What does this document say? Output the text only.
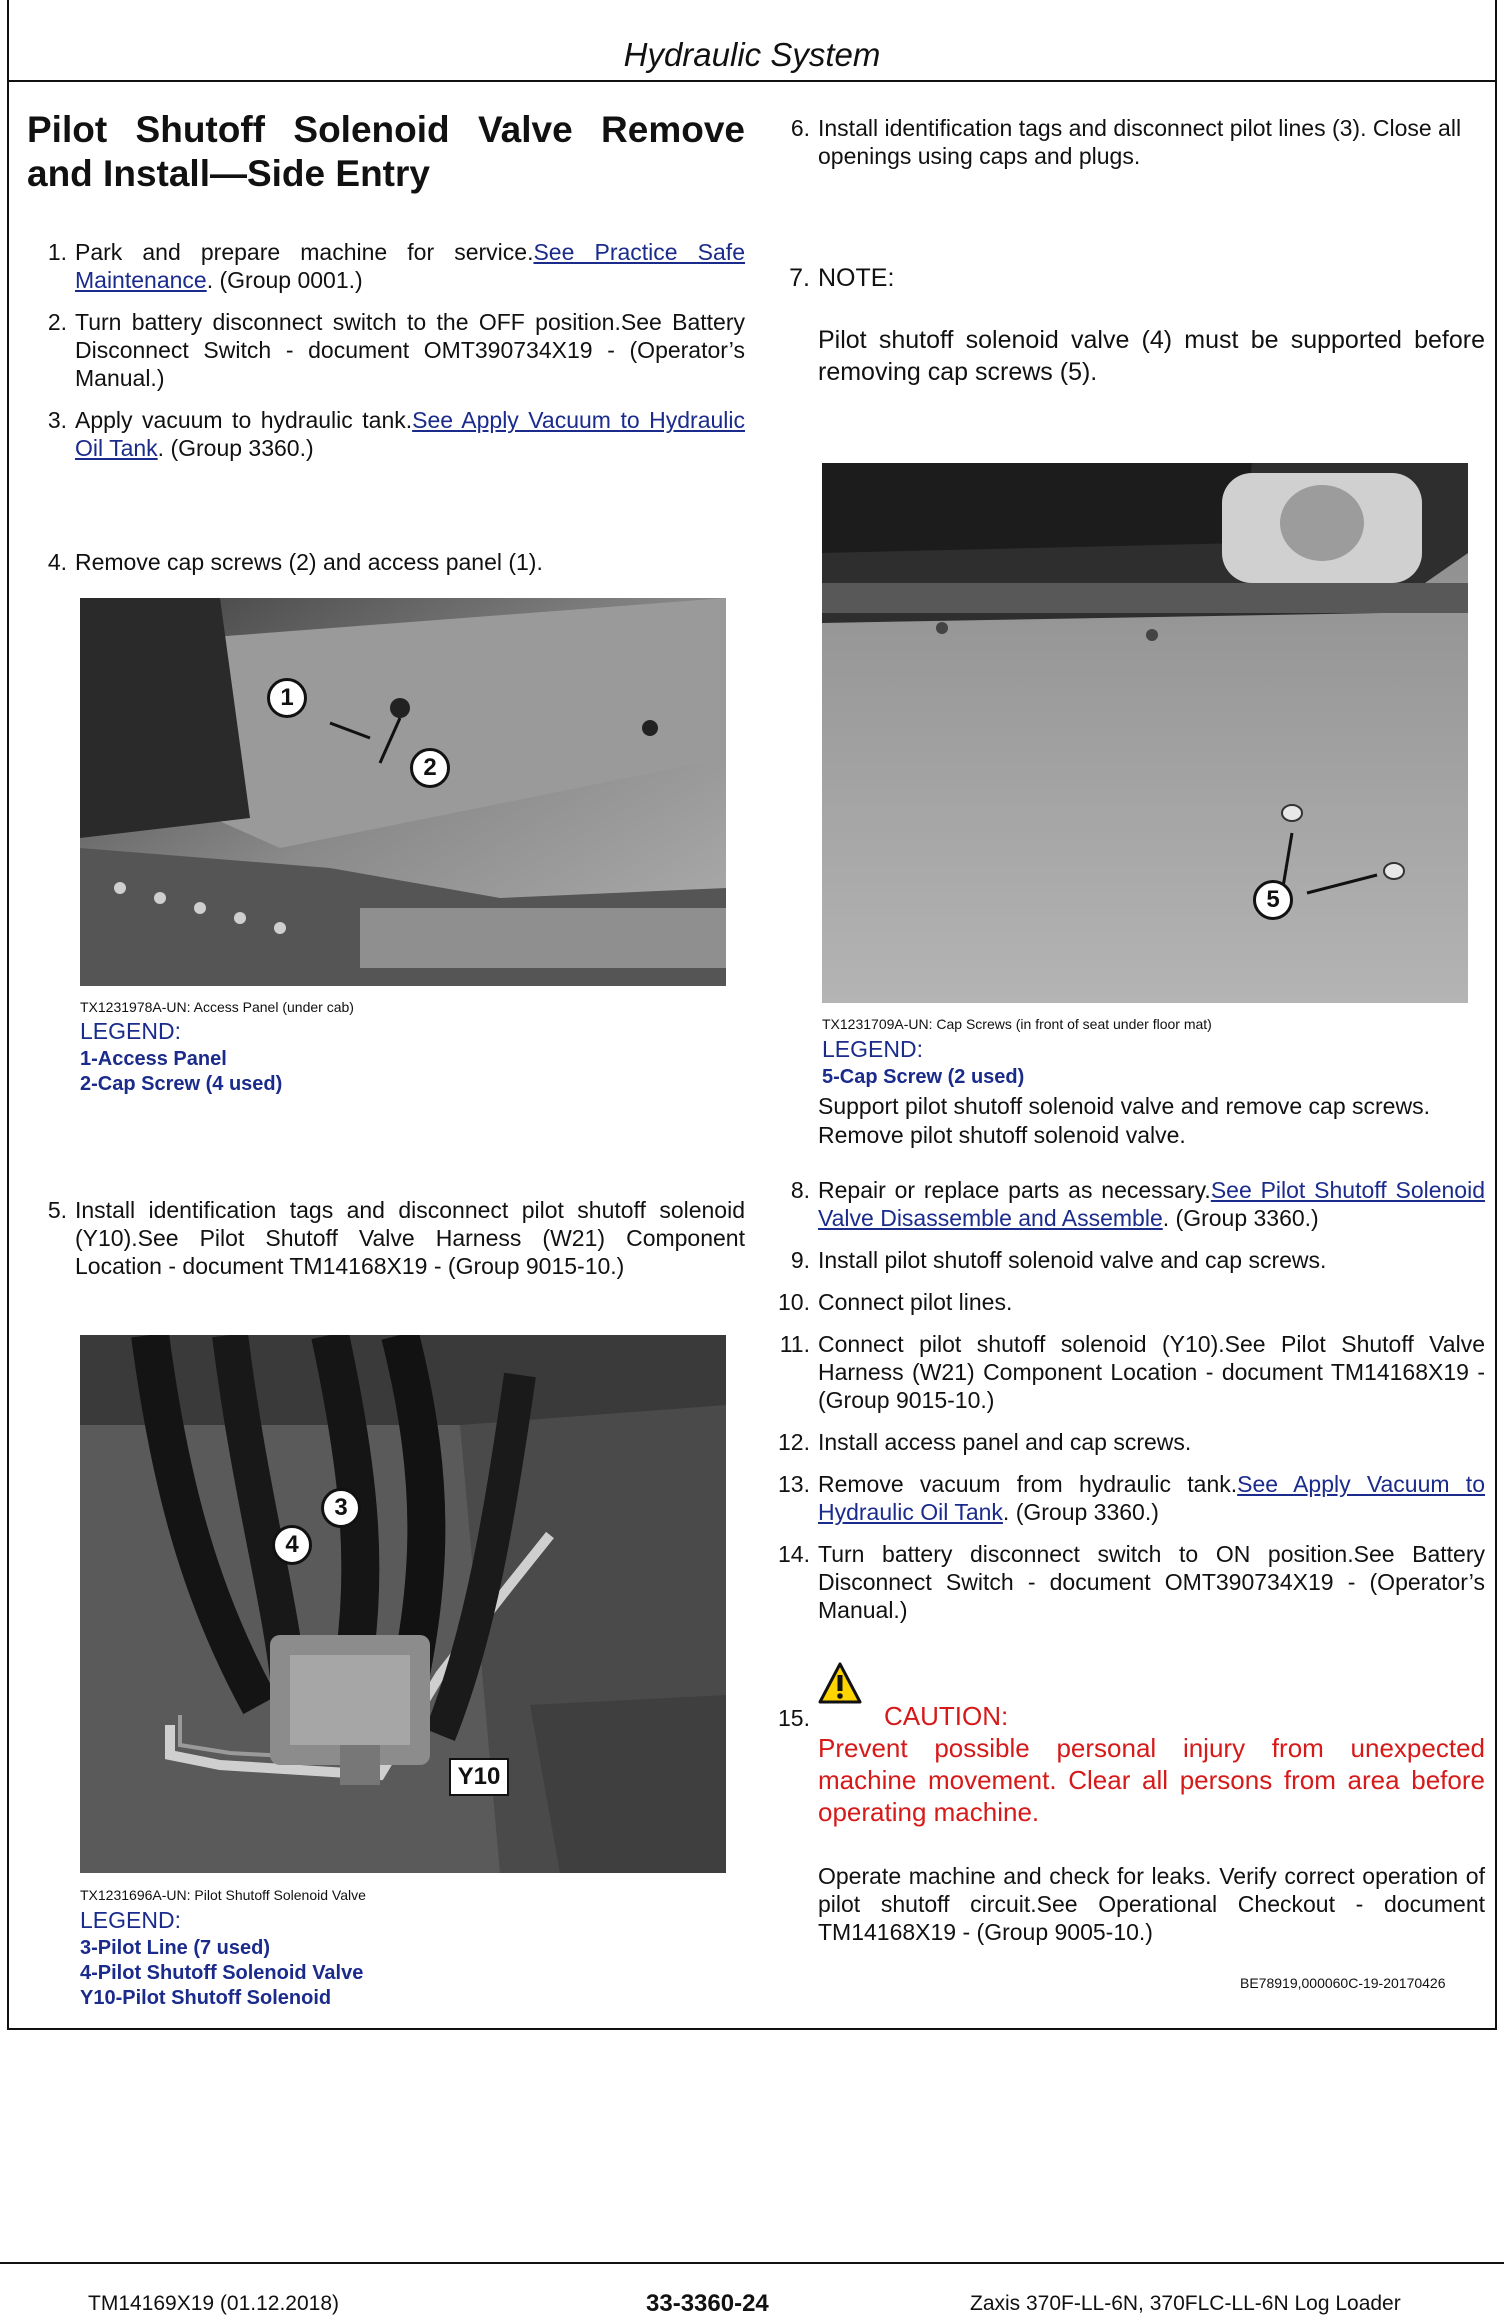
Hydraulic System
Pilot Shutoff Solenoid Valve Remove
and Install—Side Entry
1. Park and prepare machine for service.See Practice Safe Maintenance. (Group 0001.)
2. Turn battery disconnect switch to the OFF position.See Battery Disconnect Switch - document OMT390734X19 - (Operator’s Manual.)
3. Apply vacuum to hydraulic tank.See Apply Vacuum to Hydraulic Oil Tank. (Group 3360.)
4. Remove cap screws (2) and access panel (1).
1
2
TX1231978A-UN: Access Panel (under cab)
LEGEND:
1-Access Panel
2-Cap Screw (4 used)
5. Install identification tags and disconnect pilot shutoff solenoid (Y10).See Pilot Shutoff Valve Harness (W21) Component Location - document TM14168X19 - (Group 9015-10.)
3
4
Y10
TX1231696A-UN: Pilot Shutoff Solenoid Valve
LEGEND:
3-Pilot Line (7 used)
4-Pilot Shutoff Solenoid Valve
Y10-Pilot Shutoff Solenoid
6. Install identification tags and disconnect pilot lines (3). Close all openings using caps and plugs.
7. NOTE:
Pilot shutoff solenoid valve (4) must be supported before removing cap screws (5).
5
TX1231709A-UN: Cap Screws (in front of seat under floor mat)
LEGEND:
5-Cap Screw (2 used)
Support pilot shutoff solenoid valve and remove cap screws.
Remove pilot shutoff solenoid valve.
8. Repair or replace parts as necessary.See Pilot Shutoff Solenoid Valve Disassemble and Assemble. (Group 3360.)
9. Install pilot shutoff solenoid valve and cap screws.
10. Connect pilot lines.
11. Connect pilot shutoff solenoid (Y10).See Pilot Shutoff Valve Harness (W21) Component Location - document TM14168X19 - (Group 9015-10.)
12. Install access panel and cap screws.
13. Remove vacuum from hydraulic tank.See Apply Vacuum to Hydraulic Oil Tank. (Group 3360.)
14. Turn battery disconnect switch to ON position.See Battery Disconnect Switch - document OMT390734X19 - (Operator’s Manual.)
15.	CAUTION:
Prevent possible personal injury from unexpected machine movement. Clear all persons from area before operating machine.
Operate machine and check for leaks. Verify correct operation of pilot shutoff circuit.See Operational Checkout - document TM14168X19 - (Group 9005-10.)
BE78919,000060C-19-20170426
TM14169X19 (01.12.2018)	33-3360-24	Zaxis 370F-LL-6N, 370FLC-LL-6N Log Loader
